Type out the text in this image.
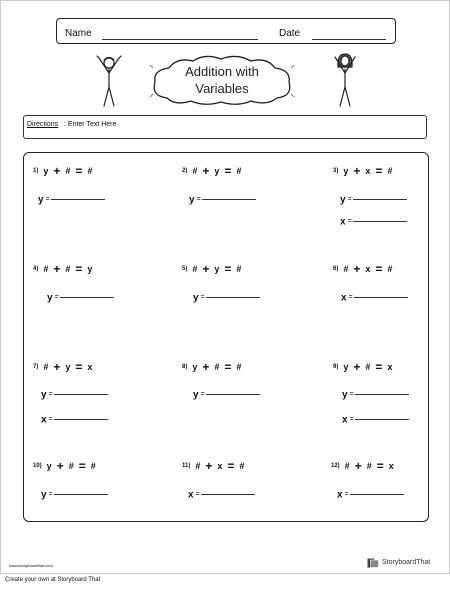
Name	Date
Addition with
Variables
Directions : Enter Text Here
1) y + # = #
y =
2) # + y = #
y =
3) y + x = #
y =
x =
4) # + # = y
y =
5) # + y = #
y =
6) # + x = #
x =
7) # + y = x
y =
x =
8) y + # = #
y =
9) y + # = x
y =
x =
10) y + # = #
y =
11) # + x = #
x =
12) # + # = x
x =
www.storyboardthat.com	StoryboardThat
Create your own at Storyboard That
